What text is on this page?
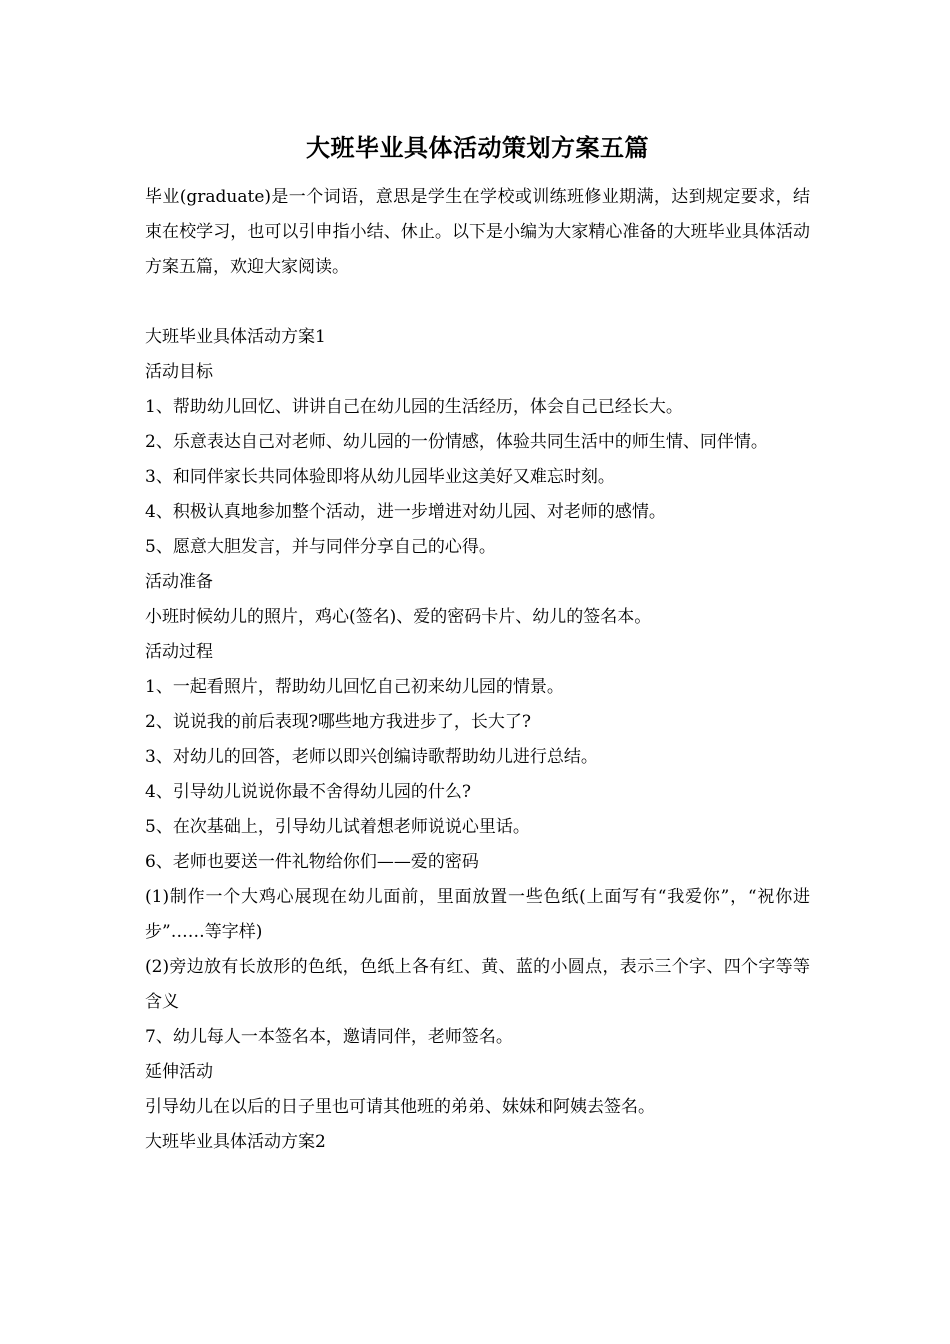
大班毕业具体活动策划方案五篇

毕业(graduate)是一个词语，意思是学生在学校或训练班修业期满，达到规定要求，结束在校学习，也可以引申指小结、休止。以下是小编为大家精心准备的大班毕业具体活动方案五篇，欢迎大家阅读。

大班毕业具体活动方案1

活动目标

1、帮助幼儿回忆、讲讲自己在幼儿园的生活经历，体会自己已经长大。

2、乐意表达自己对老师、幼儿园的一份情感，体验共同生活中的师生情、同伴情。

3、和同伴家长共同体验即将从幼儿园毕业这美好又难忘时刻。

4、积极认真地参加整个活动，进一步增进对幼儿园、对老师的感情。

5、愿意大胆发言，并与同伴分享自己的心得。

活动准备

小班时候幼儿的照片，鸡心(签名)、爱的密码卡片、幼儿的签名本。

活动过程

1、一起看照片，帮助幼儿回忆自己初来幼儿园的情景。

2、说说我的前后表现?哪些地方我进步了，长大了?

3、对幼儿的回答，老师以即兴创编诗歌帮助幼儿进行总结。

4、引导幼儿说说你最不舍得幼儿园的什么?

5、在次基础上，引导幼儿试着想老师说说心里话。

6、老师也要送一件礼物给你们——爱的密码

(1)制作一个大鸡心展现在幼儿面前，里面放置一些色纸(上面写有“我爱你”，“祝你进步”……等字样)

(2)旁边放有长放形的色纸，色纸上各有红、黄、蓝的小圆点，表示三个字、四个字等等含义

7、幼儿每人一本签名本，邀请同伴，老师签名。

延伸活动

引导幼儿在以后的日子里也可请其他班的弟弟、妹妹和阿姨去签名。

大班毕业具体活动方案2
